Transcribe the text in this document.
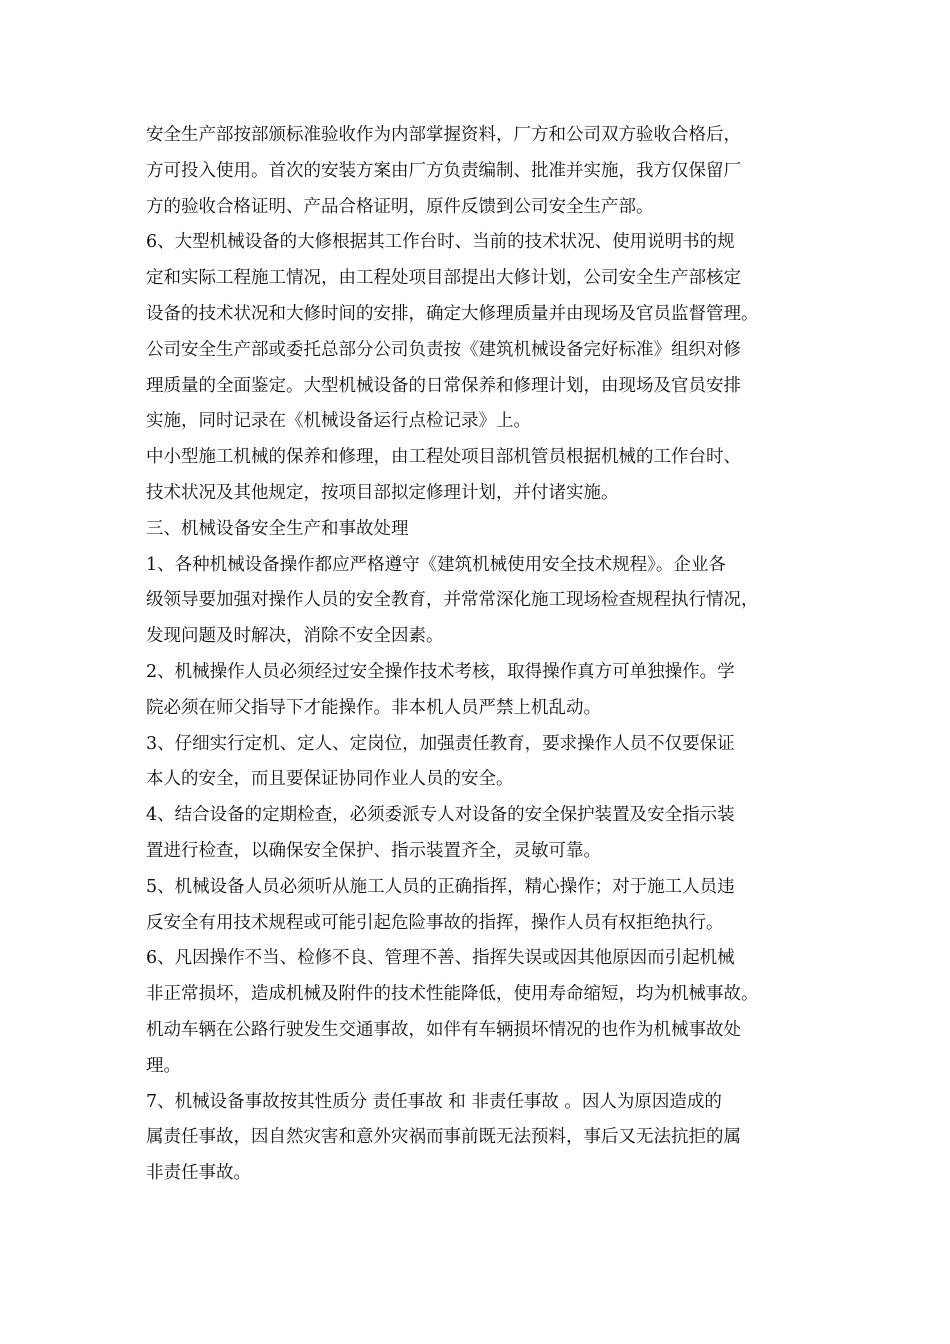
安全生产部按部颁标准验收作为内部掌握资料，厂方和公司双方验收合格后，
方可投入使用。首次的安装方案由厂方负责编制、批准并实施，我方仅保留厂
方的验收合格证明、产品合格证明，原件反馈到公司安全生产部。
6、大型机械设备的大修根据其工作台时、当前的技术状况、使用说明书的规
定和实际工程施工情况，由工程处项目部提出大修计划，公司安全生产部核定
设备的技术状况和大修时间的安排，确定大修理质量并由现场及官员监督管理。
公司安全生产部或委托总部分公司负责按《建筑机械设备完好标准》组织对修
理质量的全面鉴定。大型机械设备的日常保养和修理计划，由现场及官员安排
实施，同时记录在《机械设备运行点检记录》上。
中小型施工机械的保养和修理，由工程处项目部机管员根据机械的工作台时、
技术状况及其他规定，按项目部拟定修理计划，并付诸实施。
三、机械设备安全生产和事故处理
1、各种机械设备操作都应严格遵守《建筑机械使用安全技术规程》。企业各
级领导要加强对操作人员的安全教育，并常常深化施工现场检查规程执行情况，
发现问题及时解决，消除不安全因素。
2、机械操作人员必须经过安全操作技术考核，取得操作真方可单独操作。学
院必须在师父指导下才能操作。非本机人员严禁上机乱动。
3、仔细实行定机、定人、定岗位，加强责任教育，要求操作人员不仅要保证
本人的安全，而且要保证协同作业人员的安全。
4、结合设备的定期检查，必须委派专人对设备的安全保护装置及安全指示装
置进行检查，以确保安全保护、指示装置齐全，灵敏可靠。
5、机械设备人员必须听从施工人员的正确指挥，精心操作；对于施工人员违
反安全有用技术规程或可能引起危险事故的指挥，操作人员有权拒绝执行。
6、凡因操作不当、检修不良、管理不善、指挥失误或因其他原因而引起机械
非正常损坏，造成机械及附件的技术性能降低，使用寿命缩短，均为机械事故。
机动车辆在公路行驶发生交通事故，如伴有车辆损坏情况的也作为机械事故处
理。
7、机械设备事故按其性质分 责任事故 和 非责任事故 。因人为原因造成的
属责任事故，因自然灾害和意外灾祸而事前既无法预料，事后又无法抗拒的属
非责任事故。
